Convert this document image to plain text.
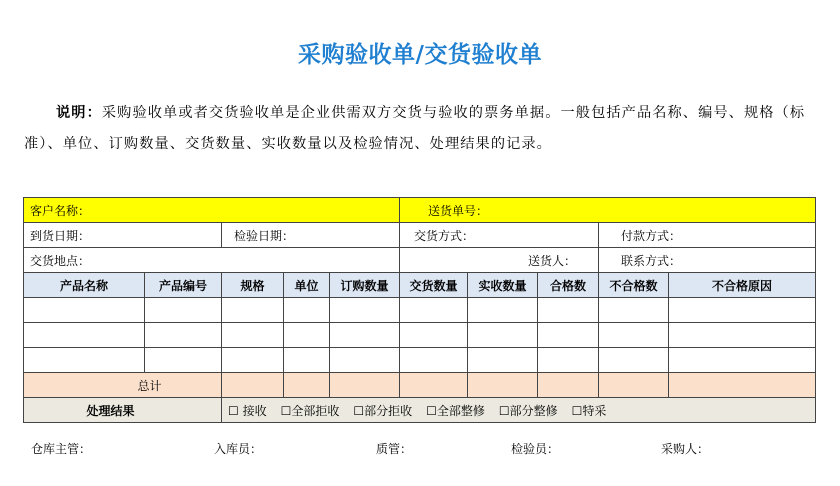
采购验收单/交货验收单
说明：采购验收单或者交货验收单是企业供需双方交货与验收的票务单据。一般包括产品名称、编号、规格（标准）、单位、订购数量、交货数量、实收数量以及检验情况、处理结果的记录。
客户名称：					送货单号：				
到货日期：		检验日期：			交货方式：			付款方式：	
交货地点：					送货人：			联系方式：	
产品名称	产品编号	规格	单位	订购数量	交货数量	实收数量	合格数	不合格数	不合格原因

总计									
处理结果		☐ 接收 ☐全部拒收 ☐部分拒收 ☐全部整修 ☐部分整修 ☐特采							
仓库主管：	入库员：	质管：	检验员：	采购人：
